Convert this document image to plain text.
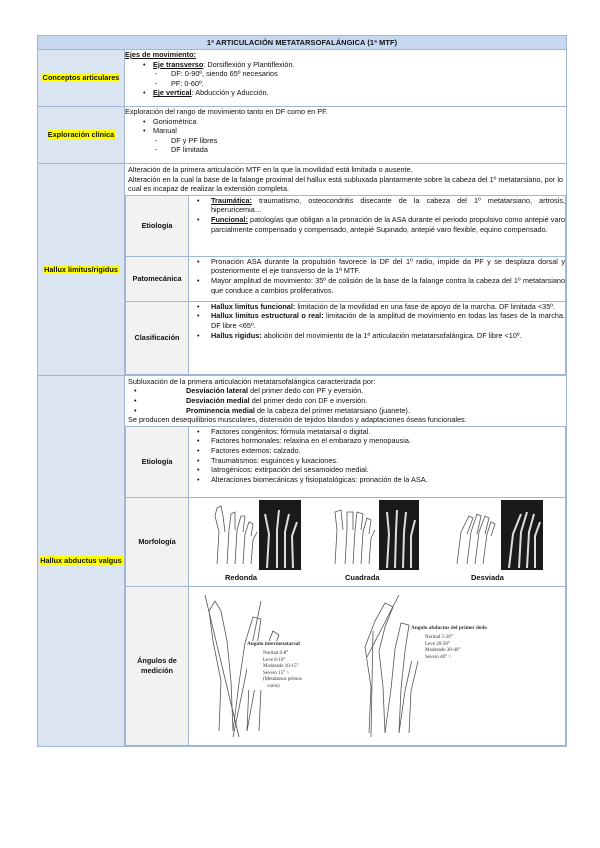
1ª ARTICULACIÓN METATARSOFALÁNGICA (1ª MTF)
Conceptos articulares	
Ejes de movimiento:
• Eje transverso: Dorsiflexión y Plantiflexión.
- DF: 0-90º, siendo 65º necesarios
- PF: 0-60º.
• Eje vertical: Abducción y Aducción.

Exploración clínica	
Exploración del rango de movimiento tanto en DF como en PF.
• Goniométrica
• Manual
- DF y PF libres
- DF limitada

Hallux limitus/rigidus	
Alteración de la primera articulación MTF en la que la movilidad está limitada o ausente.
Alteración en la cual la base de la falange proximal del hallux está subluxada plantarmente sobre la cabeza del 1º metatarsiano, por lo cual es incapaz de realizar la extensión completa.
Etiología	
• Traumática: traumatismo, osteocondritis disecante de la cabeza del 1º metatarsiano, artrosis, hiperuricemia…
• Funcional: patologías que obligan a la pronación de la ASA durante el periodo propulsivo como antepié varo parcialmente compensado y compensado, antepié Supinado, antepié varo flexible, equino compensado.

Patomecánica	
• Pronación ASA durante la propulsión favorece la DF del 1º radio, impide da PF y se desplaza dorsal y posteriormente el eje transverso de la 1ª MTF.
• Mayor amplitud de movimiento: 35º de colisión de la base de la falange contra la cabeza del 1º metatarsiano que conduce a cambios proliferativos.

Clasificación	
• Hallux limitus funcional: limitación de la movilidad en una fase de apoyo de la marcha. DF limitada <35º.
• Hallux limitus estructural o real: limitación de la amplitud de movimiento en todas las fases de la marcha. DF libre <65º.
• Hallus rigidus: abolición del movimiento de la 1ª articulación metatarsofalángica. DF libre <10º.

Hallux abductus valgus	
Subluxación de la primera articulación metatarsofalángica caracterizada por:
• Desviación lateral del primer dedo con PF y eversión.
• Desviación medial del primer dedo con DF e inversión.
• Prominencia medial de la cabeza del primer metatarsiano (juanete).
Se producen desequilibrios musculares, distensión de tejidos blandos y adaptaciones óseas funcionales.
Etiología	
• Factores congénitos: fórmula metatarsal o digital.
• Factores hormonales: relaxina en el embarazo y menopausia.
• Factores externos: calzado.
• Traumatismos: esguinces y luxaciones.
• Iatrogénicos: extirpación del sesamoideo medial.
• Alteraciones biomecánicas y fisiopatológicas: pronación de la ASA.

Morfología	
Redonda	Cuadrada	Desviada

Ángulos de medición	
Angulo intermetatarsal
Normal 6-8°
Leve 8-10°
Moderado 10-15°
Severo 15° >
(Metatarsus primus
varus)
Angulo abductus del primer dedo
Normal 5-20°
Leve 20-30°
Moderado 30-40°
Severo 40° >
